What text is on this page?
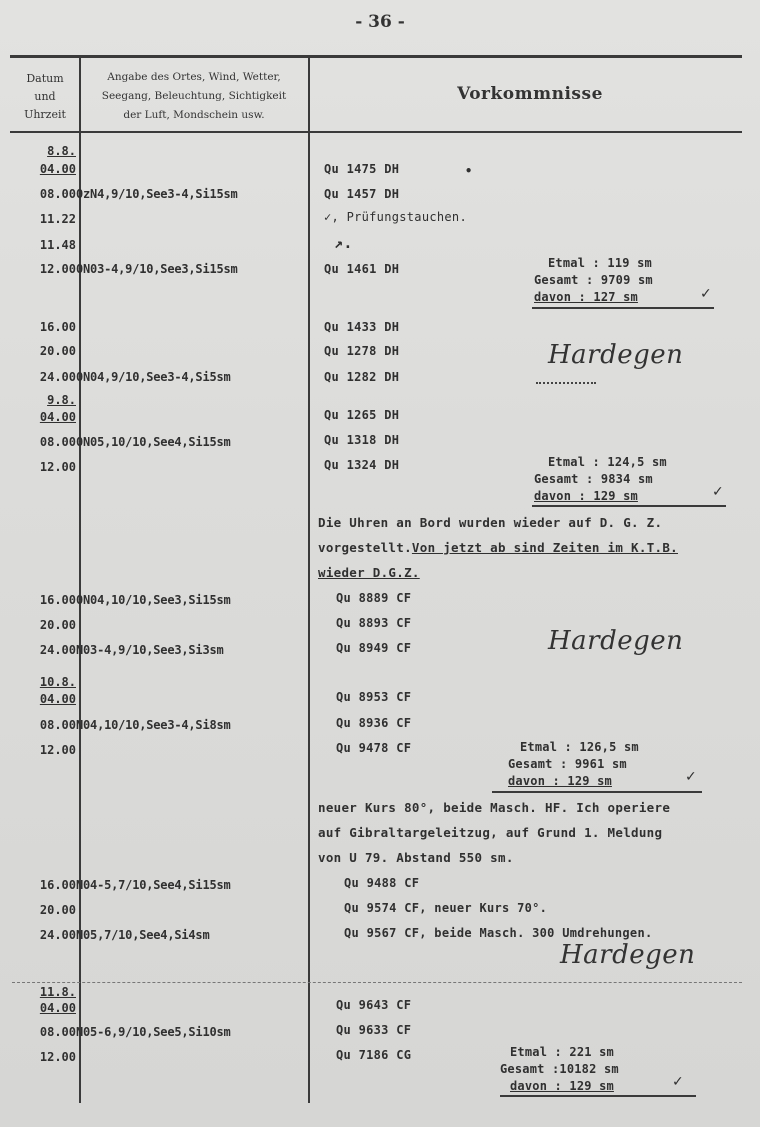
- 36 -
Datum
und
Uhrzeit
Angabe des Ortes, Wind, Wetter,
Seegang, Beleuchtung, Sichtigkeit
der Luft, Mondschein usw.
Vorkommnisse
8.8.
04.00	Qu 1475 DH	•
08.00 0zN4,9/10,See3-4,Si15sm	Qu 1457 DH
11.22	✓, Prüfungstauchen.
11.48	↗.
12.00 0N03-4,9/10,See3,Si15sm	Qu 1461 DH	Etmal : 119 sm
Gesamt : 9709 sm
davon : 127 sm	✓
16.00	Qu 1433 DH
20.00	Qu 1278 DH
24.00 0N04,9/10,See3-4,Si5sm	Qu 1282 DH
Hardegen
9.8.
04.00	Qu 1265 DH
08.00 0N05,10/10,See4,Si15sm	Qu 1318 DH
12.00	Qu 1324 DH	Etmal : 124,5 sm
Gesamt : 9834 sm
davon : 129 sm	✓
Die Uhren an Bord wurden wieder auf D. G. Z.
vorgestellt.Von jetzt ab sind Zeiten im K.T.B.
wieder D.G.Z.
16.00 0N04,10/10,See3,Si15sm	Qu 8889 CF
20.00	Qu 8893 CF
24.00 N03-4,9/10,See3,Si3sm	Qu 8949 CF	Hardegen
10.8.
04.00	Qu 8953 CF
08.00 N04,10/10,See3-4,Si8sm	Qu 8936 CF
12.00	Qu 9478 CF	Etmal : 126,5 sm
Gesamt : 9961 sm
davon : 129 sm	✓
neuer Kurs 80°, beide Masch. HF. Ich operiere
auf Gibraltargeleitzug, auf Grund 1. Meldung
von U 79. Abstand 550 sm.
16.00 N04-5,7/10,See4,Si15sm	Qu 9488 CF
20.00	Qu 9574 CF, neuer Kurs 70°.
24.00 N05,7/10,See4,Si4sm	Qu 9567 CF, beide Masch. 300 Umdrehungen.
Hardegen
11.8.
04.00	Qu 9643 CF
08.00 N05-6,9/10,See5,Si10sm	Qu 9633 CF
12.00	Qu 7186 CG	Etmal : 221 sm
Gesamt :10182 sm
davon : 129 sm	✓
